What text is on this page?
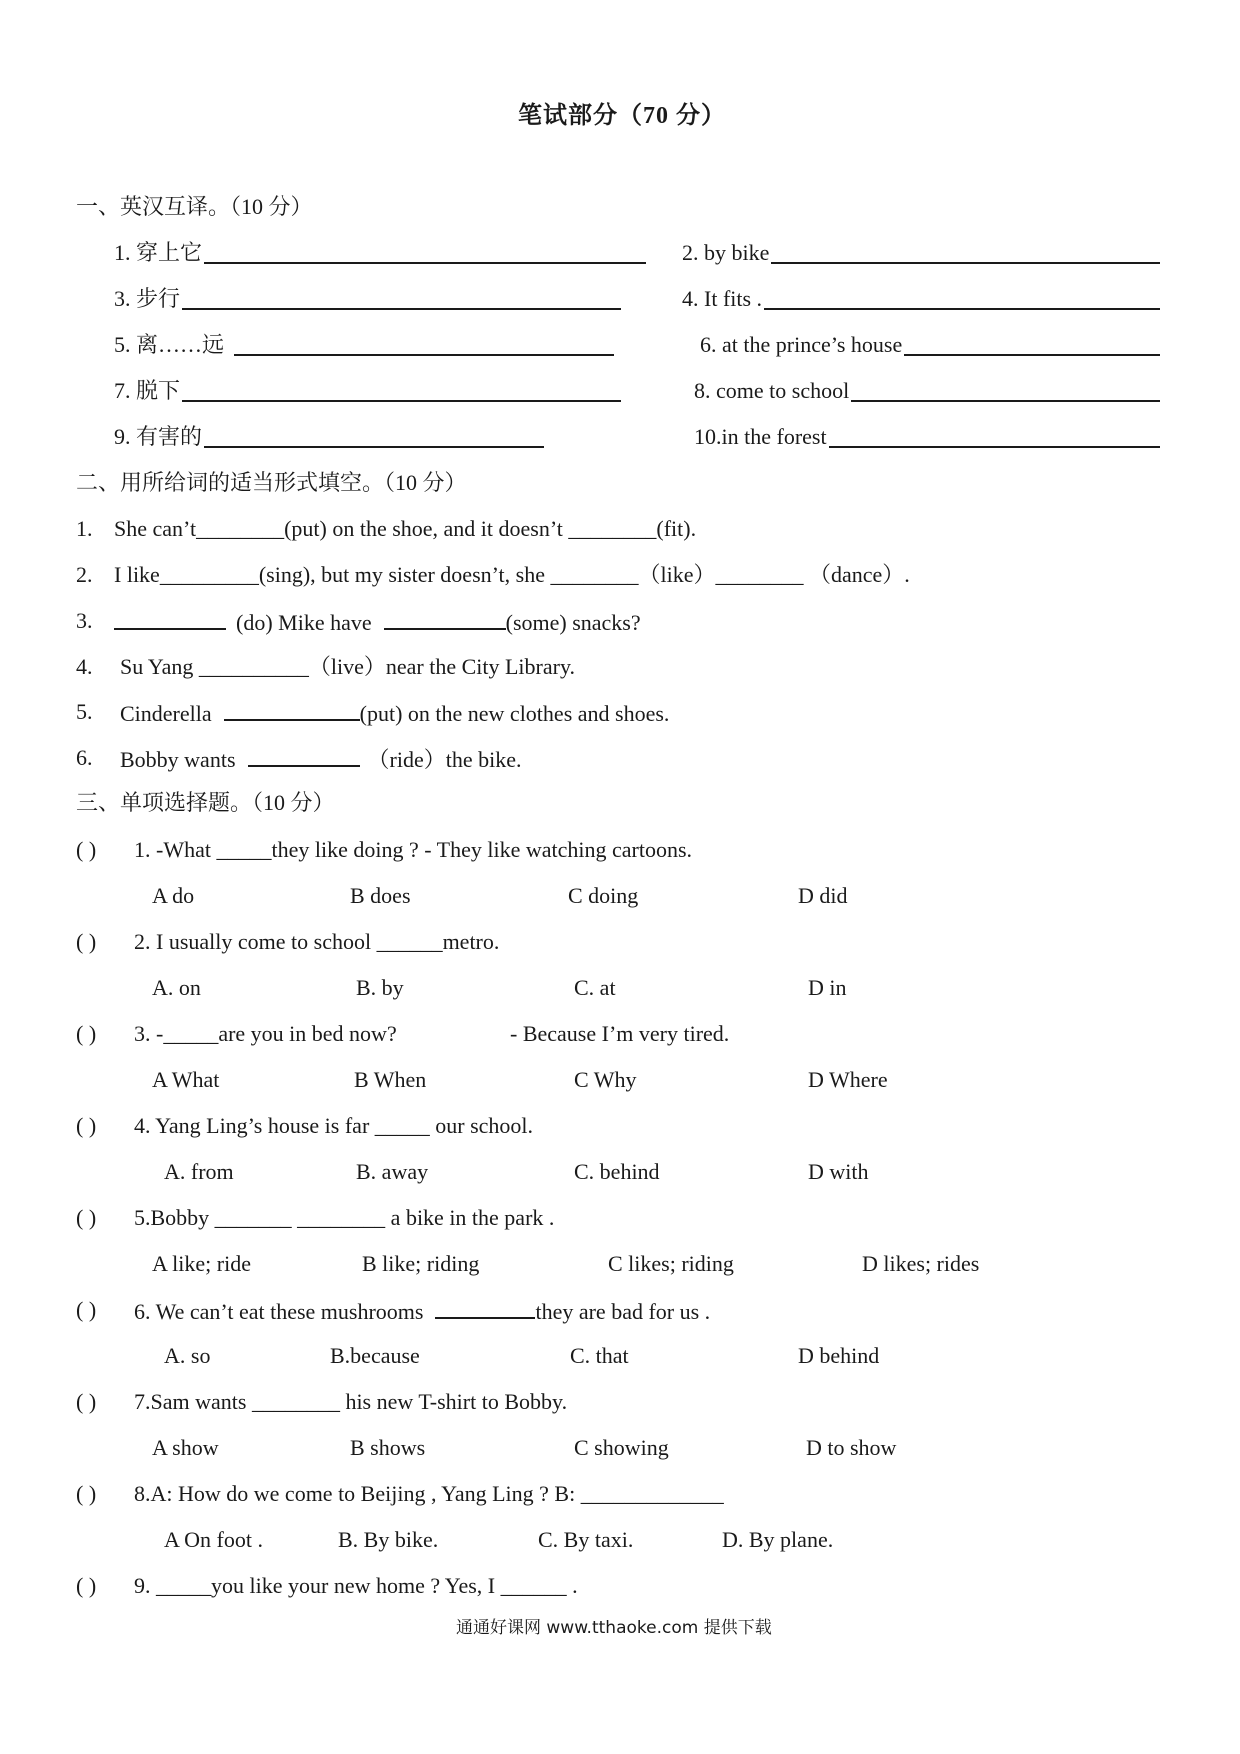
笔试部分（70 分）
一、英汉互译。（10 分）
1. 穿上它	2. by bike
3. 步行	4. It fits .
5. 离……远	6. at the prince’s house
7. 脱下	8. come to school
9. 有害的	10.in the forest
二、用所给词的适当形式填空。（10 分）
1. She can’t________(put) on the shoe, and it doesn’t ________(fit).
2. I like_________(sing), but my sister doesn’t, she ________（like）________ （dance）.
3.	(do) Mike have	(some) snacks?
4. Su Yang __________（live）near the City Library.
5. Cinderella	(put) on the new clothes and shoes.
6. Bobby wants	（ride）the bike.
三、单项选择题。（10 分）
( ) 1. -What _____they like doing ? - They like watching cartoons.
A do	B does	C doing	D did
( ) 2. I usually come to school ______metro.
A. on	B. by	C. at	D in
( ) 3. -_____are you in bed now?	- Because I’m very tired.
A What	B When	C Why	D Where
( ) 4. Yang Ling’s house is far _____ our school.
A. from	B. away	C. behind	D with
( ) 5.Bobby _______ ________ a bike in the park .
A like; ride	B like; riding	C likes; riding	D likes; rides
( ) 6. We can’t eat these mushrooms	they are bad for us .
A. so	B.because	C. that	D behind
( ) 7.Sam wants ________ his new T-shirt to Bobby.
A show	B shows	C showing	D to show
( ) 8.A: How do we come to Beijing , Yang Ling ? B: _____________
A On foot .	B. By bike.	C. By taxi.	D. By plane.
( ) 9. _____you like your new home ? Yes, I ______ .
通通好课网 www.tthaoke.com 提供下载
